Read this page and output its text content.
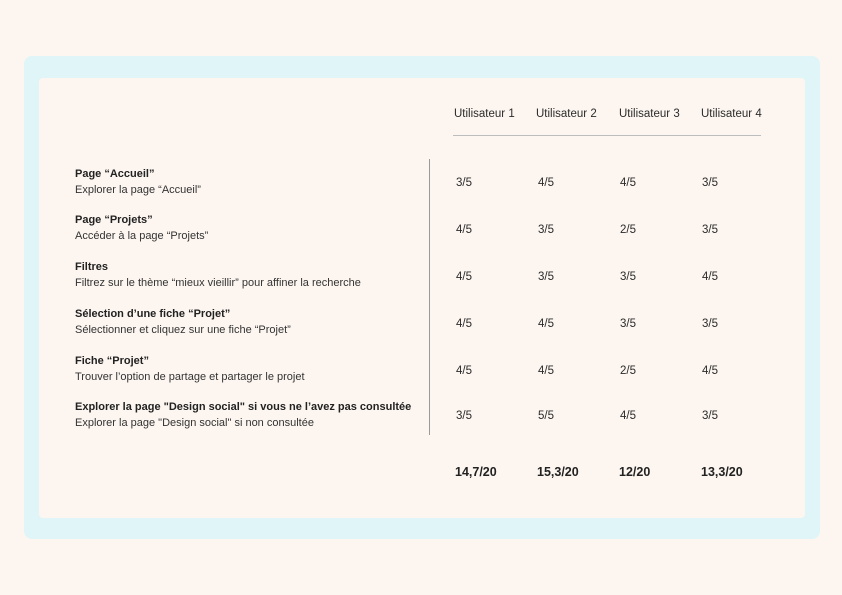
Utilisateur 1 Utilisateur 2 Utilisateur 3 Utilisateur 4
Page “Accueil”
Explorer la page “Accueil”
3/5	4/5	4/5	3/5
Page “Projets”
Accéder à la page “Projets”	4/5	3/5	2/5	3/5
Filtres
Filtrez sur le thème “mieux vieillir” pour affiner la recherche	4/5	3/5	3/5	4/5
Sélection d’une fiche “Projet”
Sélectionner et cliquez sur une fiche “Projet”	4/5	4/5	3/5	3/5
Fiche “Projet”
Trouver l’option de partage et partager le projet	4/5	4/5	2/5	4/5
Explorer la page "Design social" si vous ne l’avez pas consultée
Explorer la page "Design social" si non consultée
3/5	5/5	4/5	3/5
14,7/20	15,3/20	12/20	13,3/20
